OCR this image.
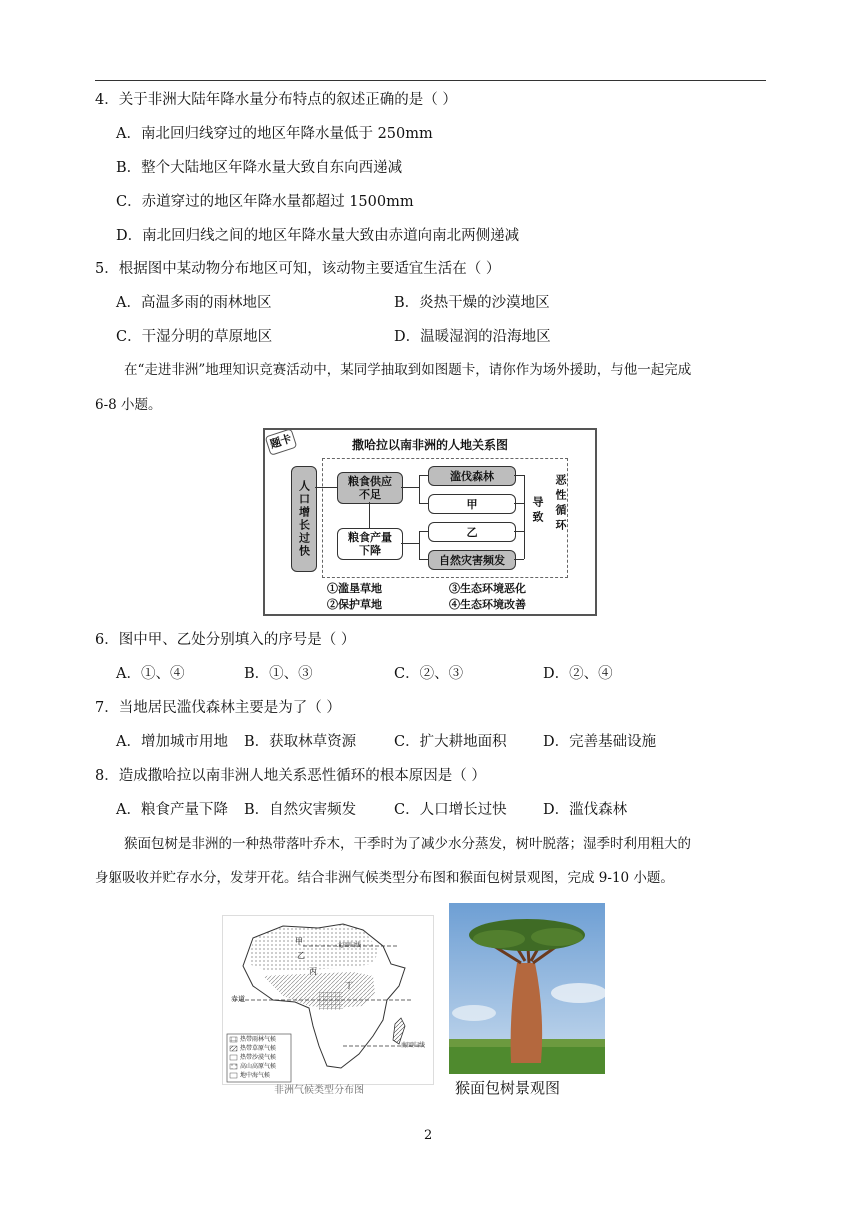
4．关于非洲大陆年降水量分布特点的叙述正确的是（ ）
A．南北回归线穿过的地区年降水量低于 250mm
B．整个大陆地区年降水量大致自东向西递减
C．赤道穿过的地区年降水量都超过 1500mm
D．南北回归线之间的地区年降水量大致由赤道向南北两侧递减
5．根据图中某动物分布地区可知，该动物主要适宜生活在（ ）
A．高温多雨的雨林地区	B．炎热干燥的沙漠地区
C．干湿分明的草原地区	D．温暖湿润的沿海地区
在“走进非洲”地理知识竞赛活动中，某同学抽取到如图题卡，请你作为场外援助，与他一起完成
6-8 小题。
题卡	撒哈拉以南非洲的人地关系图
人口增长过快	粮食供应
不足
粮食产量
下降
滥伐森林
甲
乙
自然灾害频发
导致 恶性循环
①滥垦草地
②保护草地
③生态环境恶化
④生态环境改善
6．图中甲、乙处分别填入的序号是（ ）
A．①、④	B．①、③	C．②、③	D．②、④
7．当地居民滥伐森林主要是为了（ ）
A．增加城市用地 B．获取林草资源	C．扩大耕地面积	D．完善基础设施
8．造成撒哈拉以南非洲人地关系恶性循环的根本原因是（ ）
A．粮食产量下降 B．自然灾害频发	C．人口增长过快	D．滥伐森林
猴面包树是非洲的一种热带落叶乔木，干季时为了减少水分蒸发，树叶脱落；湿季时利用粗大的
身躯吸收并贮存水分，发芽开花。结合非洲气候类型分布图和猴面包树景观图，完成 9-10 小题。
北回归线
南回归线
赤道
甲
乙
丙
丁
热带雨林气候
热带草原气候
热带沙漠气候
高山高原气候
地中海气候
非洲气候类型分布图	猴面包树景观图
2
